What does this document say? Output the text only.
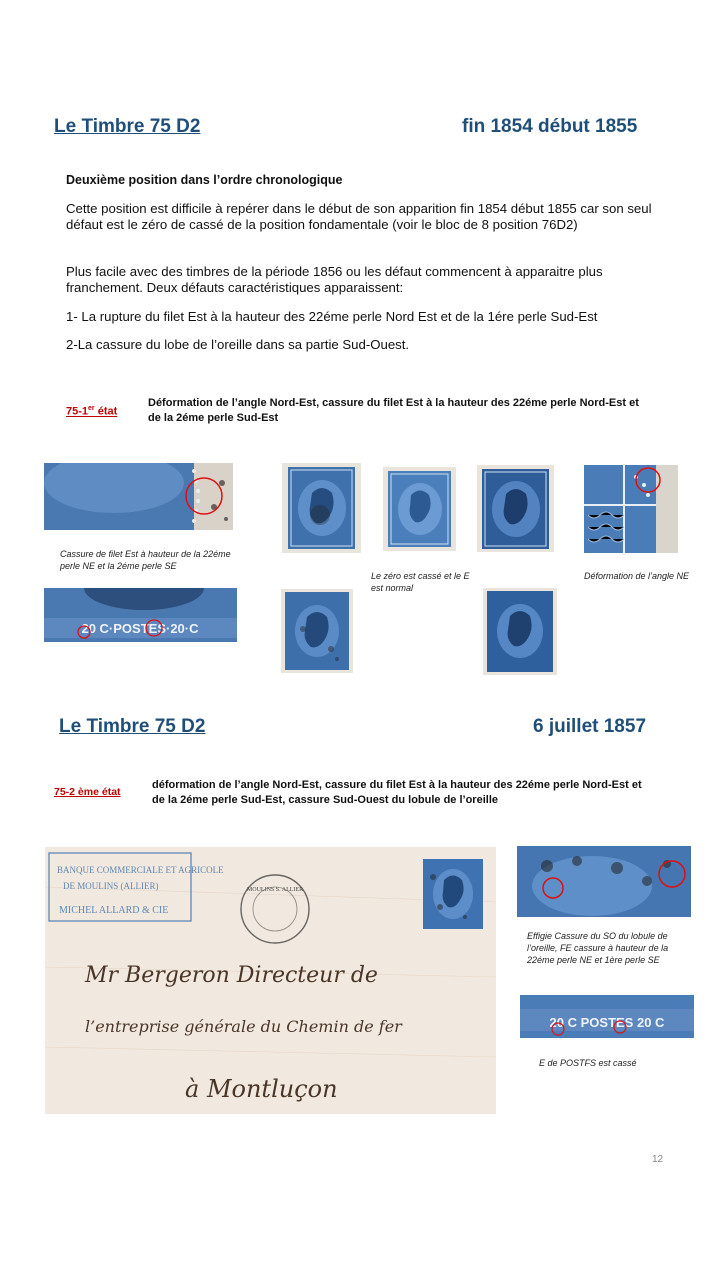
Le Timbre 75 D2	fin 1854 début 1855
Deuxième position dans l’ordre chronologique
Cette position est difficile à repérer dans le début de son apparition fin 1854 début 1855 car son seul défaut est le zéro de cassé de la position fondamentale (voir le bloc de 8 position 76D2)
Plus facile avec des timbres de la période 1856 ou les défaut commencent à apparaitre plus franchement. Deux défauts caractéristiques apparaissent:
1- La rupture du filet Est à la hauteur des 22éme perle Nord Est et de la 1ére perle Sud-Est
2-La cassure du lobe de l’oreille dans sa partie Sud-Ouest.
75-1er état
Déformation de l’angle Nord-Est, cassure du filet Est à la hauteur des 22éme perle Nord-Est et de la 2éme perle Sud-Est
Cassure de filet Est à hauteur de la 22éme perle NE et la 2éme perle SE
20 C·POSTES·20·C
Le zéro est cassé et le E est normal
Déformation de l’angle NE
Le Timbre 75 D2	6 juillet 1857
75-2 ème état
déformation de l’angle Nord-Est, cassure du filet Est à la hauteur des 22éme perle Nord-Est et de la 2éme perle Sud-Est, cassure Sud-Ouest du lobule de l’oreille
BANQUE COMMERCIALE ET AGRICOLE
DE MOULINS (ALLIER)
MICHEL ALLARD & CIE
MOULINS S. ALLIER
Mr Bergeron Directeur de
l’entreprise générale du Chemin de fer
à Montluçon
Effigie Cassure du SO du lobule de l’oreille, FE cassure à hauteur de la 22éme perle NE et 1ère perle SE
20 C POSTES 20 C
E de POSTFS est cassé
12
